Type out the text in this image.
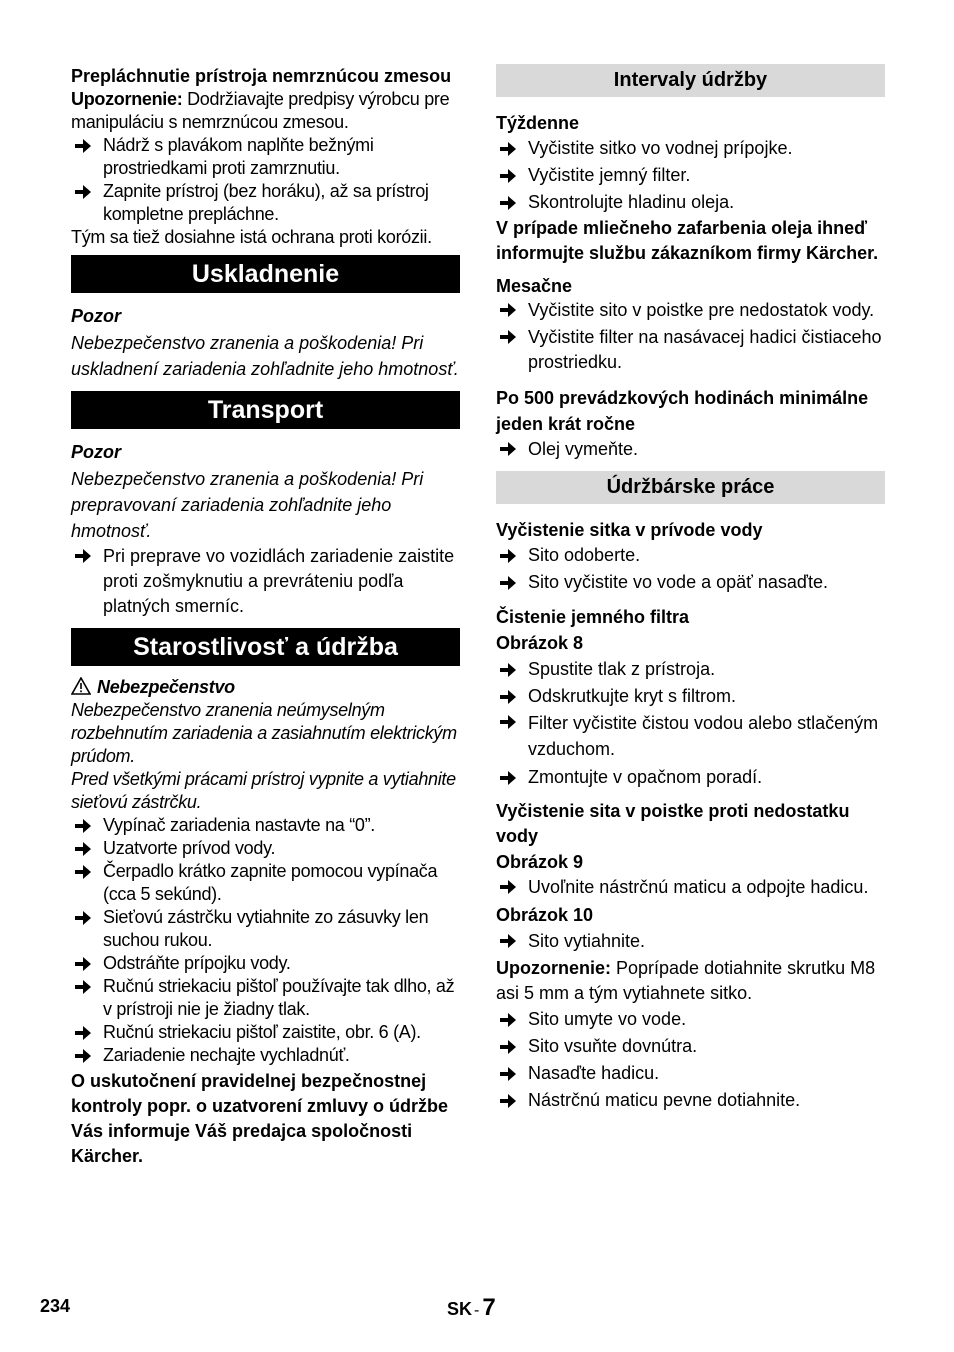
Prepláchnutie prístroja nemrznúcou zmesou

Upozornenie: Dodržiavajte predpisy výrobcu pre manipuláciu s nemrznúcou zmesou.

Nádrž s plavákom naplňte bežnými prostriedkami proti zamrznutiu.
Zapnite prístroj (bez horáku), až sa prístroj kompletne prepláchne.

Tým sa tiež dosiahne istá ochrana proti korózii.

Uskladnenie

Pozor

Nebezpečenstvo zranenia a poškodenia! Pri uskladnení zariadenia zohľadnite jeho hmotnosť.

Transport

Pozor

Nebezpečenstvo zranenia a poškodenia! Pri prepravovaní zariadenia zohľadnite jeho hmotnosť.

Pri preprave vo vozidlách zariadenie zaistite proti zošmyknutiu a prevráteniu podľa platných smerníc.

Starostlivosť a údržba

Nebezpečenstvo

Nebezpečenstvo zranenia neúmyselným rozbehnutím zariadenia a zasiahnutím elektrickým prúdom.

Pred všetkými prácami prístroj vypnite a vytiahnite sieťovú zástrčku.

Vypínač zariadenia nastavte na “0”.
Uzatvorte prívod vody.
Čerpadlo krátko zapnite pomocou vypínača (cca 5 sekúnd).
Sieťovú zástrčku vytiahnite zo zásuvky len suchou rukou.
Odstráňte prípojku vody.
Ručnú striekaciu pištoľ používajte tak dlho, až v prístroji nie je žiadny tlak.
Ručnú striekaciu pištoľ zaistite, obr. 6 (A).
Zariadenie nechajte vychladnúť.

O uskutočnení pravidelnej bezpečnostnej kontroly popr. o uzatvorení zmluvy o údržbe Vás informuje Váš predajca spoločnosti Kärcher.

Intervaly údržby

Týždenne

Vyčistite sitko vo vodnej prípojke.
Vyčistite jemný filter.
Skontrolujte hladinu oleja.

V prípade mliečneho zafarbenia oleja ihneď informujte službu zákazníkom firmy Kärcher.

Mesačne

Vyčistite sito v poistke pre nedostatok vody.
Vyčistite filter na nasávacej hadici čistiaceho prostriedku.

Po 500 prevádzkových hodinách minimálne jeden krát ročne

Olej vymeňte.

Údržbárske práce

Vyčistenie sitka v prívode vody

Sito odoberte.
Sito vyčistite vo vode a opäť nasaďte.

Čistenie jemného filtra

Obrázok 8

Spustite tlak z prístroja.
Odskrutkujte kryt s filtrom.
Filter vyčistite čistou vodou alebo stlačeným vzduchom.
Zmontujte v opačnom poradí.

Vyčistenie sita v poistke proti nedostatku vody

Obrázok 9

Uvoľnite nástrčnú maticu a odpojte hadicu.

Obrázok 10

Sito vytiahnite.

Upozornenie: Poprípade dotiahnite skrutku M8 asi 5 mm a tým vytiahnete sitko.

Sito umyte vo vode.
Sito vsuňte dovnútra.
Nasaďte hadicu.
Nástrčnú maticu pevne dotiahnite.
234	SK - 7
